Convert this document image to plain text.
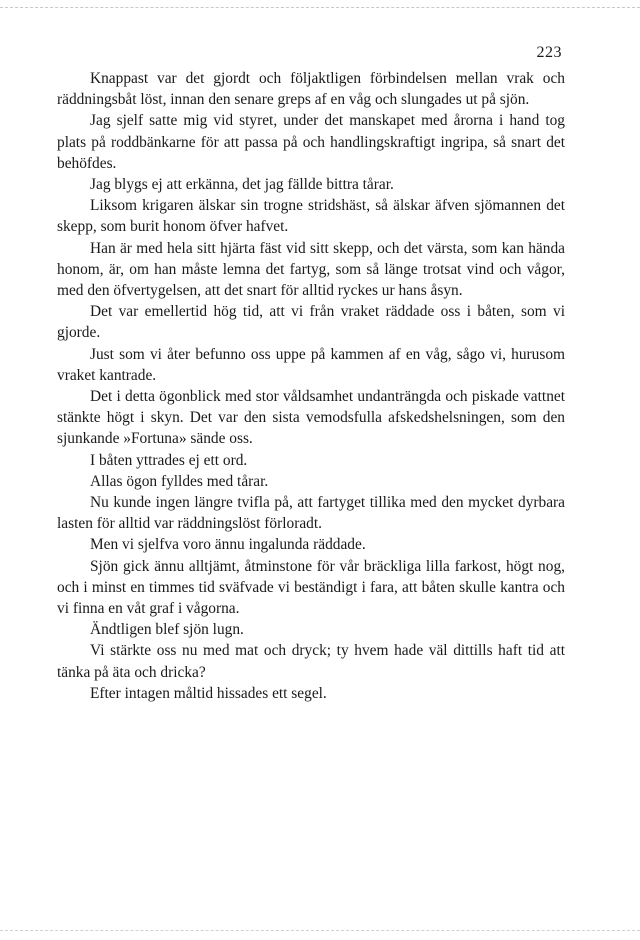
223

Knappast var det gjordt och följaktligen förbindelsen mellan vrak och räddningsbåt löst, innan den senare greps af en våg och slungades ut på sjön.

Jag sjelf satte mig vid styret, under det manskapet med årorna i hand tog plats på roddbänkarne för att passa på och handlingskraftigt ingripa, så snart det behöfdes.

Jag blygs ej att erkänna, det jag fällde bittra tårar.

Liksom krigaren älskar sin trogne stridshäst, så älskar äfven sjömannen det skepp, som burit honom öfver hafvet.

Han är med hela sitt hjärta fäst vid sitt skepp, och det värsta, som kan hända honom, är, om han måste lemna det fartyg, som så länge trotsat vind och vågor, med den öfvertygelsen, att det snart för alltid ryckes ur hans åsyn.

Det var emellertid hög tid, att vi från vraket räddade oss i båten, som vi gjorde.

Just som vi åter befunno oss uppe på kammen af en våg, sågo vi, hurusom vraket kantrade.

Det i detta ögonblick med stor våldsamhet undanträngda och piskade vattnet stänkte högt i skyn. Det var den sista vemodsfulla afskedshelsningen, som den sjunkande »Fortuna» sände oss.

I båten yttrades ej ett ord.

Allas ögon fylldes med tårar.

Nu kunde ingen längre tvifla på, att fartyget tillika med den mycket dyrbara lasten för alltid var räddningslöst förloradt.

Men vi sjelfva voro ännu ingalunda räddade.

Sjön gick ännu alltjämt, åtminstone för vår bräckliga lilla farkost, högt nog, och i minst en timmes tid sväfvade vi beständigt i fara, att båten skulle kantra och vi finna en våt graf i vågorna.

Ändtligen blef sjön lugn.

Vi stärkte oss nu med mat och dryck; ty hvem hade väl dittills haft tid att tänka på äta och dricka?

Efter intagen måltid hissades ett segel.
